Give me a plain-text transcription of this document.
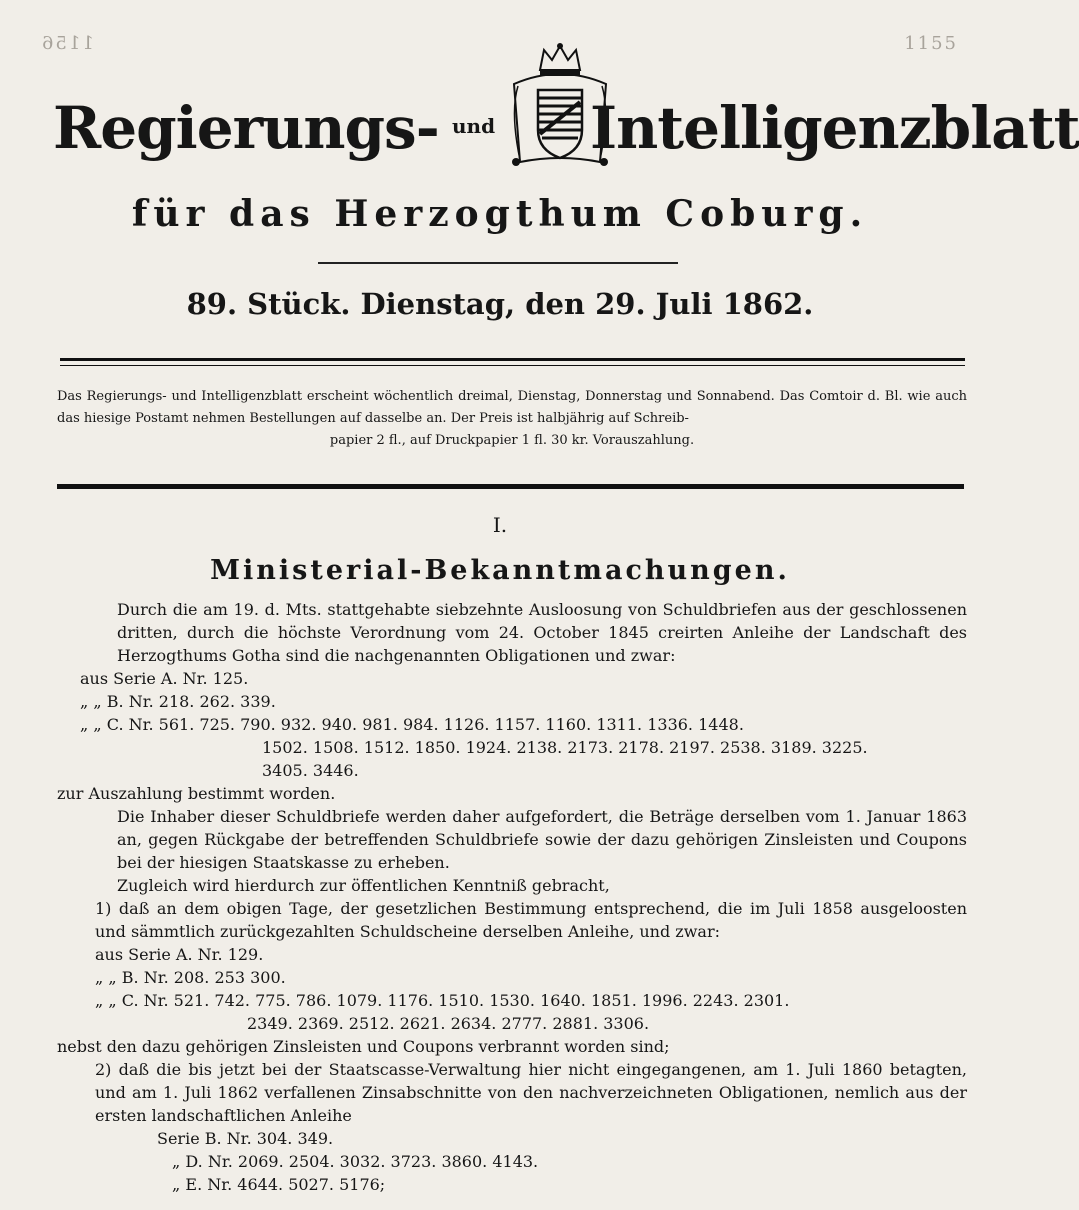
1156	1155
Regierungs- und Intelligenzblatt
für das Herzogthum Coburg.
89. Stück. Dienstag, den 29. Juli 1862.
Das Regierungs- und Intelligenzblatt erscheint wöchentlich dreimal, Dienstag, Donnerstag und Sonnabend. Das Comtoir d. Bl. wie auch das hiesige Postamt nehmen Bestellungen auf dasselbe an. Der Preis ist halbjährig auf Schreib-
papier 2 fl., auf Druckpapier 1 fl. 30 kr. Vorauszahlung.
I.
Ministerial-Bekanntmachungen.

Durch die am 19. d. Mts. stattgehabte siebzehnte Ausloosung von Schuldbriefen aus der geschlossenen dritten, durch die höchste Verordnung vom 24. October 1845 creirten Anleihe der Landschaft des Herzogthums Gotha sind die nachgenannten Obligationen und zwar:

aus Serie A. Nr. 125.
„ „ B. Nr. 218. 262. 339.
„ „ C. Nr. 561. 725. 790. 932. 940. 981. 984. 1126. 1157. 1160. 1311. 1336. 1448.
1502. 1508. 1512. 1850. 1924. 2138. 2173. 2178. 2197. 2538. 3189. 3225.
3405. 3446.

zur Auszahlung bestimmt worden.

Die Inhaber dieser Schuldbriefe werden daher aufgefordert, die Beträge derselben vom 1. Januar 1863 an, gegen Rückgabe der betreffenden Schuldbriefe sowie der dazu gehörigen Zinsleisten und Coupons bei der hiesigen Staatskasse zu erheben.

Zugleich wird hierdurch zur öffentlichen Kenntniß gebracht,

1) daß an dem obigen Tage, der gesetzlichen Bestimmung entsprechend, die im Juli 1858 ausgeloosten und sämmtlich zurückgezahlten Schuldscheine derselben Anleihe, und zwar:

aus Serie A. Nr. 129.
„ „ B. Nr. 208. 253 300.
„ „ C. Nr. 521. 742. 775. 786. 1079. 1176. 1510. 1530. 1640. 1851. 1996. 2243. 2301.
2349. 2369. 2512. 2621. 2634. 2777. 2881. 3306.

nebst den dazu gehörigen Zinsleisten und Coupons verbrannt worden sind;

2) daß die bis jetzt bei der Staatscasse-Verwaltung hier nicht eingegangenen, am 1. Juli 1860 betagten, und am 1. Juli 1862 verfallenen Zinsabschnitte von den nachverzeichneten Obligationen, nemlich aus der ersten landschaftlichen Anleihe

Serie B. Nr. 304. 349.
„ D. Nr. 2069. 2504. 3032. 3723. 3860. 4143.
„ E. Nr. 4644. 5027. 5176;
